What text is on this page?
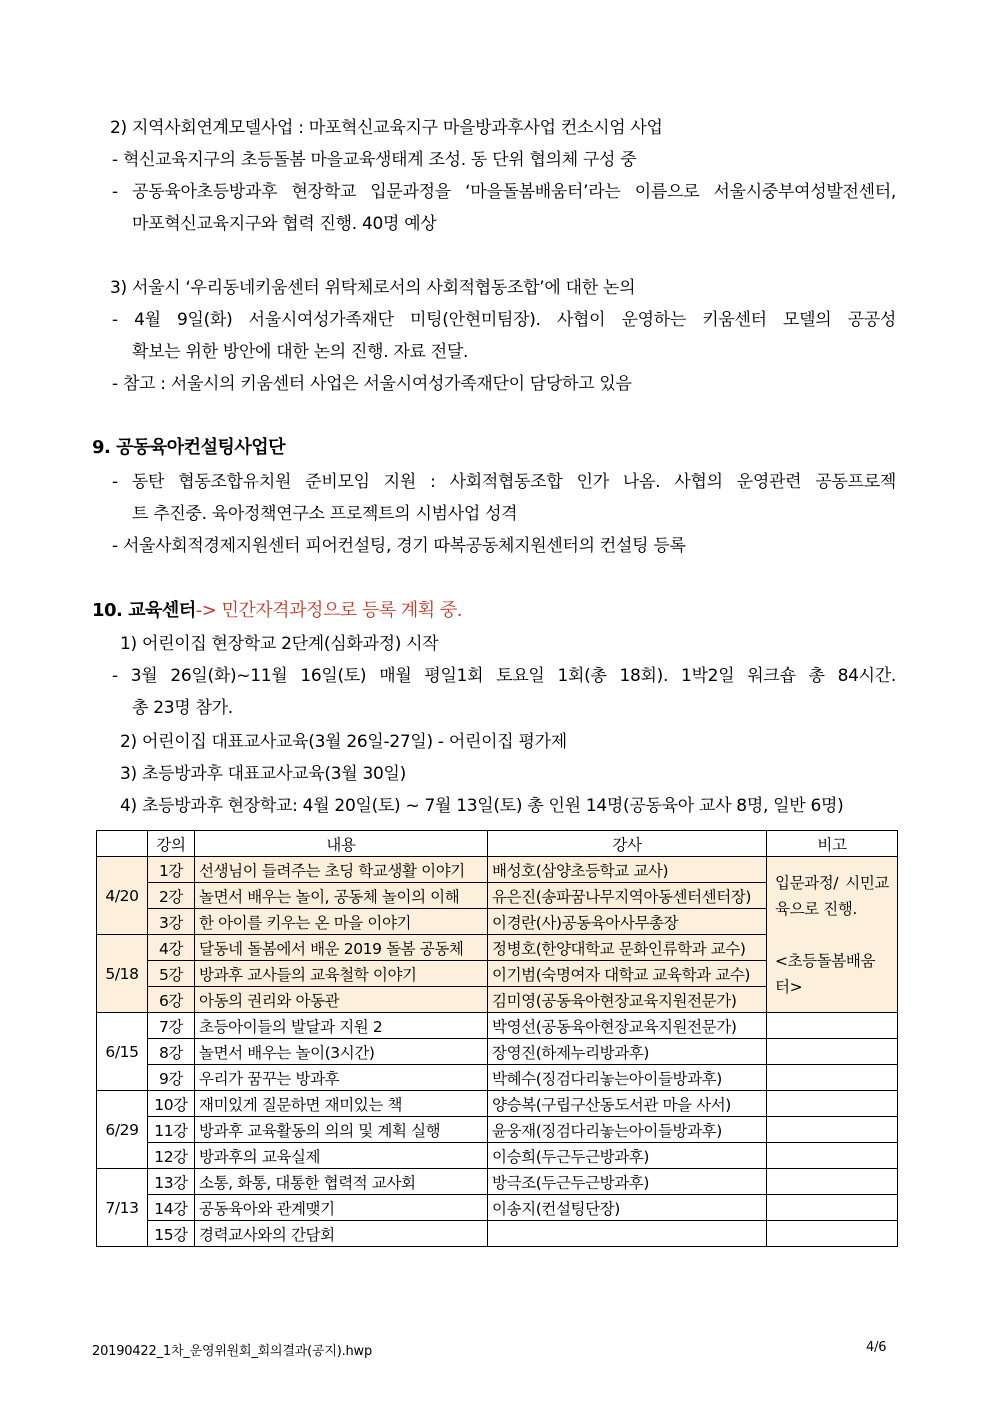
2) 지역사회연계모델사업 : 마포혁신교육지구 마을방과후사업 컨소시엄 사업
- 혁신교육지구의 초등돌봄 마을교육생태계 조성. 동 단위 협의체 구성 중
- 공동육아초등방과후 현장학교 입문과정을 ‘마을돌봄배움터’라는 이름으로 서울시중부여성발전센터,
마포혁신교육지구와 협력 진행. 40명 예상
3) 서울시 ‘우리동네키움센터 위탁체로서의 사회적협동조합’에 대한 논의
- 4월 9일(화) 서울시여성가족재단 미팅(안현미팀장). 사협이 운영하는 키움센터 모델의 공공성
확보는 위한 방안에 대한 논의 진행. 자료 전달.
- 참고 : 서울시의 키움센터 사업은 서울시여성가족재단이 담당하고 있음
9. 공동육아컨설팅사업단
- 동탄 협동조합유치원 준비모임 지원 : 사회적협동조합 인가 나옴. 사협의 운영관련 공동프로젝
트 추진중. 육아정책연구소 프로젝트의 시범사업 성격
- 서울사회적경제지원센터 피어컨설팅, 경기 따복공동체지원센터의 컨설팅 등록
10. 교육센터-> 민간자격과정으로 등록 계획 중.
1) 어린이집 현장학교 2단계(심화과정) 시작
- 3월 26일(화)~11월 16일(토) 매월 평일1회 토요일 1회(총 18회). 1박2일 워크숍 총 84시간.
총 23명 참가.
2) 어린이집 대표교사교육(3월 26일-27일) - 어린이집 평가제
3) 초등방과후 대표교사교육(3월 30일)
4) 초등방과후 현장학교: 4월 20일(토) ~ 7월 13일(토) 총 인원 14명(공동육아 교사 8명, 일반 6명)
	강의	내용	강사	비고
4/20	1강	선생님이 들려주는 초딩 학교생활 이야기	배성호(삼양초등학교 교사)	입문과정/ 시민교육으로 진행.
<초등돌봄배움터>

	2강	놀면서 배우는 놀이, 공동체 놀이의 이해	유은진(송파꿈나무지역아동센터센터장)	
	3강	한 아이를 키우는 온 마을 이야기	이경란(사)공동육아사무총장	
5/18	4강	달동네 돌봄에서 배운 2019 돌봄 공동체	정병호(한양대학교 문화인류학과 교수)	
	5강	방과후 교사들의 교육철학 이야기	이기범(숙명여자 대학교 교육학과 교수)	
	6강	아동의 권리와 아동관	김미영(공동육아현장교육지원전문가)	
6/15	7강	초등아이들의 발달과 지원 2	박영선(공동육아현장교육지원전문가)	
	8강	놀면서 배우는 놀이(3시간)	장영진(하제누리방과후)	
	9강	우리가 꿈꾸는 방과후	박혜수(징검다리놓는아이들방과후)	
6/29	10강	재미있게 질문하면 재미있는 책	양승복(구립구산동도서관 마을 사서)	
	11강	방과후 교육활동의 의의 및 계획 실행	윤웅재(징검다리놓는아이들방과후)	
	12강	방과후의 교육실제	이승희(두근두근방과후)	
7/13	13강	소통, 화통, 대통한 협력적 교사회	방극조(두근두근방과후)	
	14강	공동육아와 관계맺기	이송지(컨설팅단장)	
	15강	경력교사와의 간담회		
20190422_1차_운영위원회_회의결과(공지).hwp	4/6
